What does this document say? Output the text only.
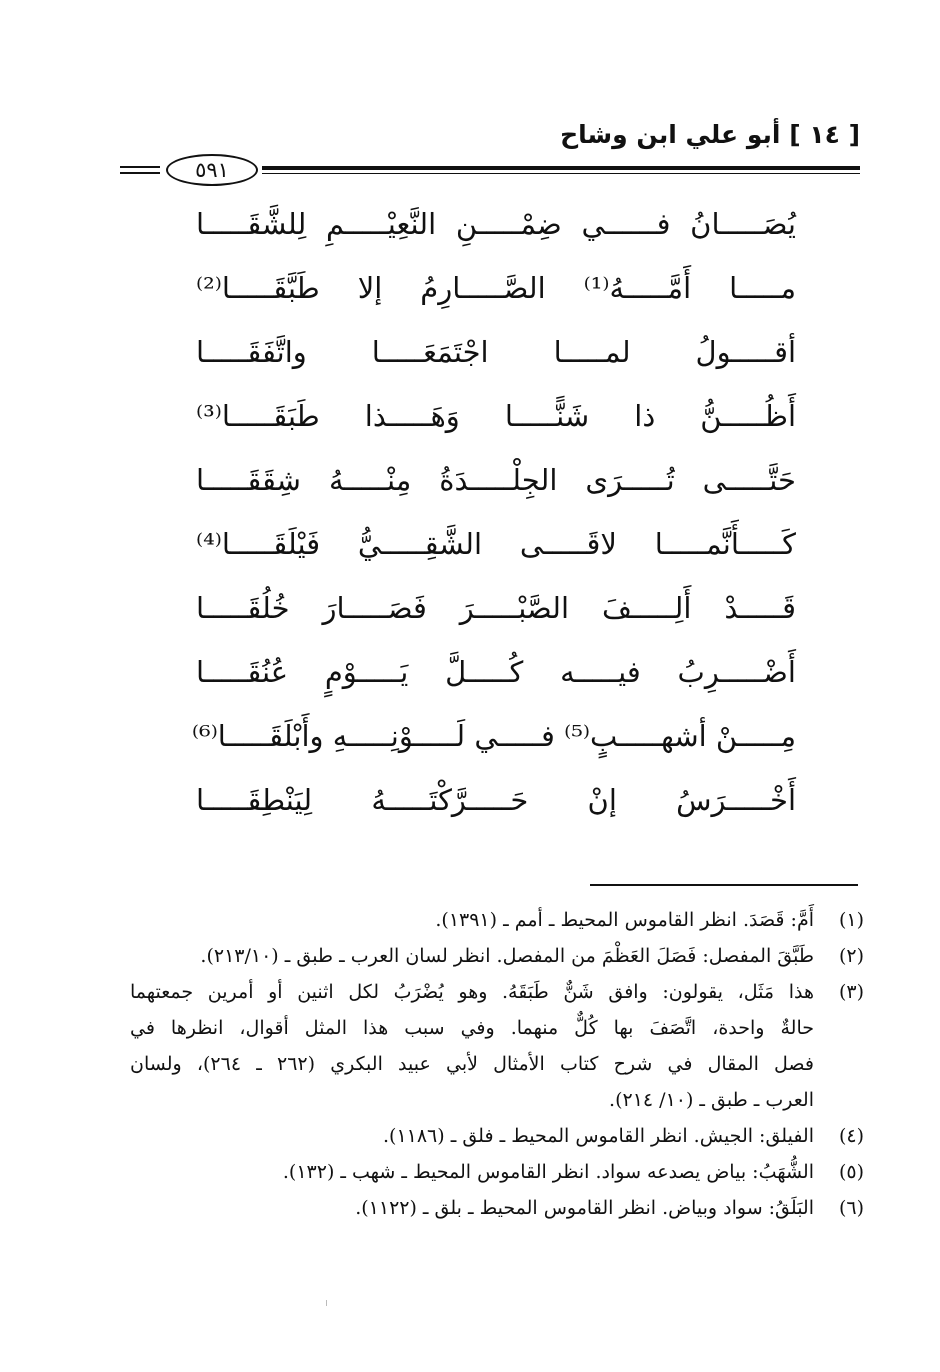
[ ١٤ ] أبو علي ابن وشاح
٥٩١
يُصَـــــانُ فــــــي ضِمْـــــنِ النَّعِيْـــــمِ لِلشَّقَـــــا
مـــــا أَمَّـــــهُ⁽¹⁾ الصَّـــــارِمُ إلا طَبَّقَـــــا⁽²⁾
أقـــــولُ لمـــــا اجْتَمَعَـــــا واتَّفَقَـــــا
أَظُـــــنُّ ذا شَنًّـــــا وَهَـــــذا طَبَقَـــــا⁽³⁾
حَتَّـــــى تُـــــرَى الجِلْـــــدَةُ مِنْـــــهُ شِقَقَـــــا
كَـــــأَنَّمـــــا لاقَـــــى الشَّقِـــــيُّ فَيْلَقَـــــا⁽⁴⁾
قَـــــدْ أَلِـــــفَ الصَّبْـــــرَ فَصَـــــارَ خُلُقَـــــا
أَضْـــــرِبُ فيـــــه كُـــــلَّ يَـــــوْمٍ عُنُقَـــــا
مِـــــنْ أشهـــــبٍ⁽⁵⁾ فـــــي لَـــــوْنِـــــهِ وأَبْلَقَـــــا⁽⁶⁾
أَخْـــــرَسُ إنْ حَـــــرَّكْتَـــــهُ لِيَنْطِقَـــــا
(١)
أَمَّ: قَصَدَ. انظر القاموس المحيط ـ أمم ـ (١٣٩١).
(٢)
طَبَّقَ المفصل: فَصَلَ العَظْمَ من المفصل. انظر لسان العرب ـ طبق ـ (٢١٣/١٠).
(٣)
هذا مَثَل، يقولون: وافق شَنٌّ طَبَقَهُ. وهو يُضْرَبُ لكل اثنين أو أمرين جمعتهما
حالةٌ واحدة، اتَّصَفَ بها كُلٌّ منهما. وفي سبب هذا المثل أقوال، انظرها في
فصل المقال في شرح كتاب الأمثال لأبي عبيد البكري (٢٦٢ ـ ٢٦٤)، ولسان
العرب ـ طبق ـ (١٠/ ٢١٤).
(٤)
الفيلق: الجيش. انظر القاموس المحيط ـ فلق ـ (١١٨٦).
(٥)
الشُّهَبُ: بياض يصدعه سواد. انظر القاموس المحيط ـ شهب ـ (١٣٢).
(٦)
البَلَقُ: سواد وبياض. انظر القاموس المحيط ـ بلق ـ (١١٢٢).
